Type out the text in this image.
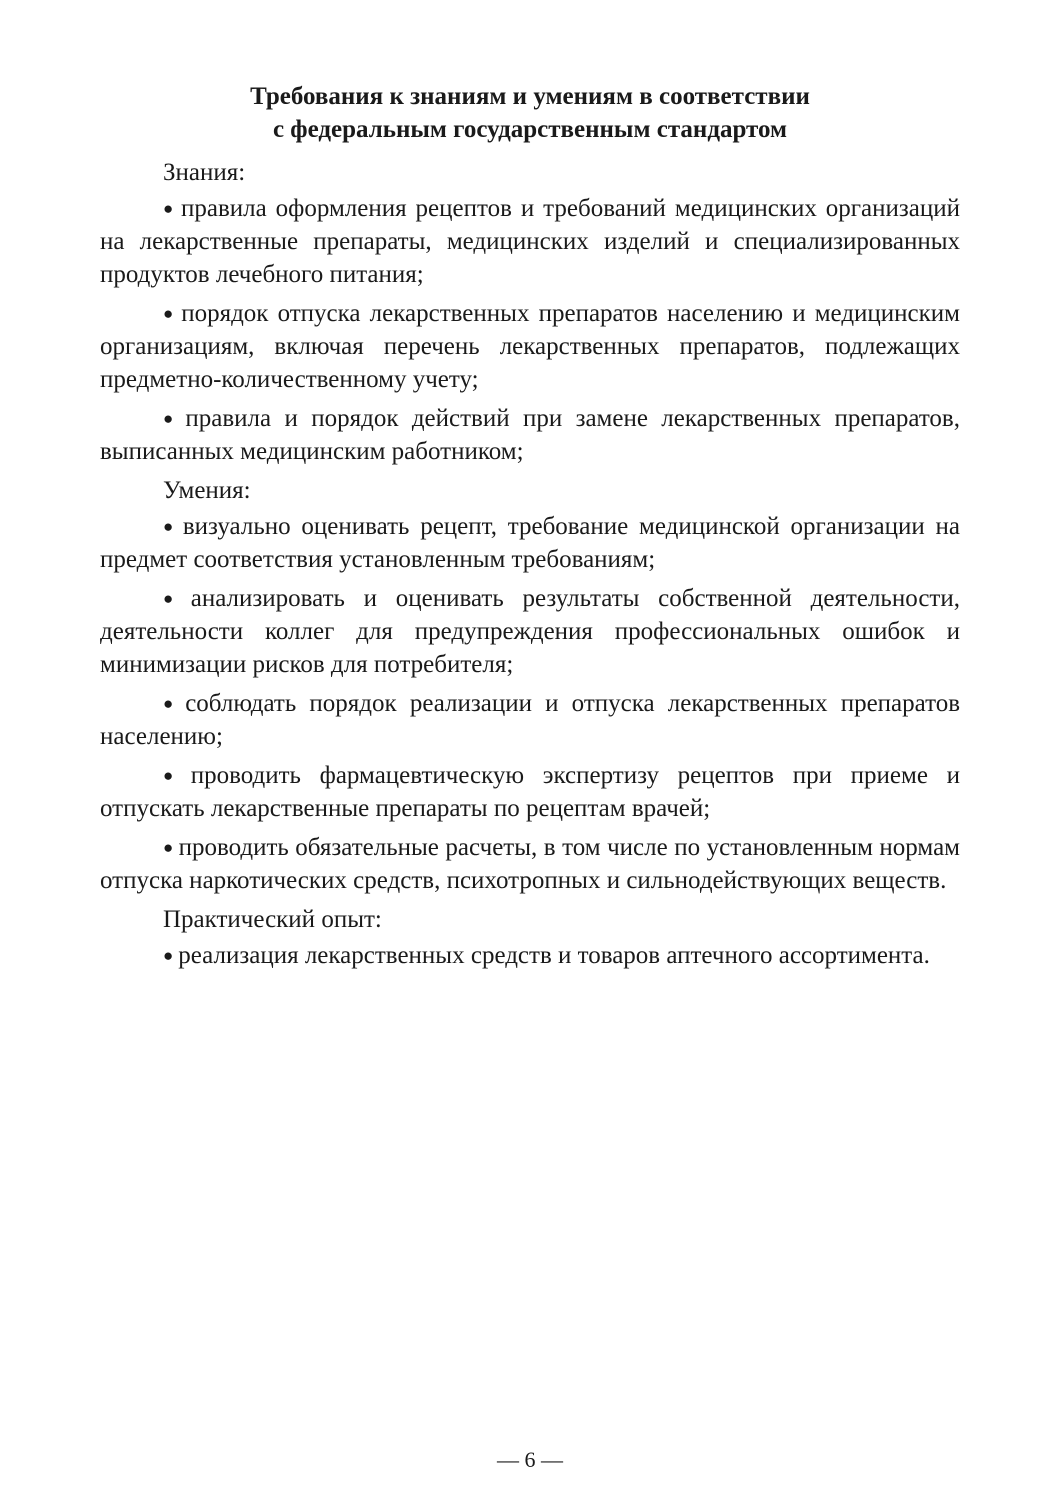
Требования к знаниям и умениям в соответствии
с федеральным государственным стандартом

Знания:

● правила оформления рецептов и требований медицинских организаций на лекарственные препараты, медицинских изделий и специализированных продуктов лечебного питания;

● порядок отпуска лекарственных препаратов населению и медицинским организациям, включая перечень лекарственных препаратов, подлежащих предметно-количественному учету;

● правила и порядок действий при замене лекарственных препаратов, выписанных медицинским работником;

Умения:

● визуально оценивать рецепт, требование медицинской организации на предмет соответствия установленным требованиям;

● анализировать и оценивать результаты собственной деятельности, деятельности коллег для предупреждения профессиональных ошибок и минимизации рисков для потребителя;

● соблюдать порядок реализации и отпуска лекарственных препаратов населению;

● проводить фармацевтическую экспертизу рецептов при приеме и отпускать лекарственные препараты по рецептам врачей;

● проводить обязательные расчеты, в том числе по установленным нормам отпуска наркотических средств, психотропных и сильнодействующих веществ.

Практический опыт:

● реализация лекарственных средств и товаров аптечного ассортимента.

— 6 —
